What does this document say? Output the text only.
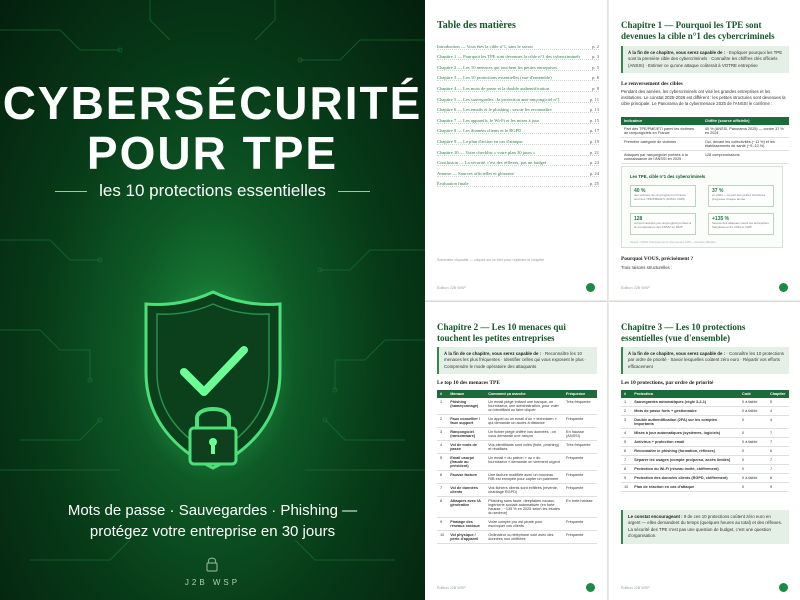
CYBERSÉCURITÉ
POUR TPE
les 10 protections essentielles
Mots de passe · Sauvegardes · Phishing —
protégez votre entreprise en 30 jours
J2B WSP
Table des matières
Introduction — Vous êtes la cible n°1, sans le savoir	p. 2
Chapitre 1 — Pourquoi les TPE sont devenues la cible n°1 des cybercriminels	p. 3
Chapitre 2 — Les 10 menaces qui touchent les petites entreprises	p. 5
Chapitre 3 — Les 10 protections essentielles (vue d'ensemble)	p. 6
Chapitre 4 — Les mots de passe et la double authentification	p. 8
Chapitre 5 — Les sauvegardes : la protection anti-rançongiciel n°1	p. 11
Chapitre 6 — Les emails et le phishing : savoir les reconnaître	p. 13
Chapitre 7 — Les appareils, le Wi-Fi et les mises à jour	p. 15
Chapitre 8 — Les données clients et le RGPD	p. 17
Chapitre 9 — Le plan d'action en cas d'attaque	p. 19
Chapitre 10 — Votre checklist « votre plan 30 jours »	p. 21
Conclusion — La sécurité, c'est des réflexes, pas un budget	p. 23
Annexe — Sources officielles et glossaire	p. 24
Évaluation finale	p. 25
Sommaire cliquable — cliquez sur un titre pour rejoindre le chapitre
Édition J2B WSP
Chapitre 1 — Pourquoi les TPE sont devenues la cible n°1 des cybercriminels
À la fin de ce chapitre, vous serez capable de : · Expliquer pourquoi les TPE sont la première cible des cybercriminels · Connaître les chiffres clés officiels (ANSSI) · Estimer ce qu'une attaque coûterait à VOTRE entreprise
Le renversement des cibles
Pendant des années, les cybercriminels ont visé les grandes entreprises et les institutions. Le constat 2025-2026 est différent : les petites structures sont devenues la cible principale. Le Panorama de la cybermenace 2025 de l'ANSSI le confirme :
Indicateur	Chiffre (source officielle)
Part des TPE/PME/ETI parmi les victimes de rançongiciels en France	40 % (ANSSI, Panorama 2025) — contre 37 % en 2024
Première catégorie de victimes	Oui, devant les collectivités (~11 %) et les établissements de santé (~9–10 %)
Attaques par rançongiciel portées à la connaissance de l'ANSSI en 2025	128 compromissions
Les TPE, cible n°1 des cybercriminels
40 %
des victimes de rançongiciel en France sont des TPE/PME/ETI (ANSSI, 2025)
37 %
en 2024 — la part des petites structures progresse chaque année
128
compromissions par rançongiciel portées à la connaissance de l'ANSSI en 2025
+135 %
hausse des attaques visant les entreprises françaises entre 2024 et 2025
Source : ANSSI, Panorama de la cybermenace 2025 — données officielles
Pourquoi VOUS, précisément ?
Trois raisons structurelles :
Édition J2B WSP
Chapitre 2 — Les 10 menaces qui touchent les petites entreprises
À la fin de ce chapitre, vous serez capable de : · Reconnaître les 10 menaces les plus fréquentes · Identifier celles qui vous exposent le plus · Comprendre le mode opératoire des attaquants
Le top 10 des menaces TPE
#	Menace	Comment ça marche	Fréquence
1	Phishing (hameçonnage)	Un email piégé imitant une banque, un fournisseur, une administration, pour voler un identifiant ou faire cliquer	Très fréquente
2	Faux conseiller / faux support	Un appel ou un email d'un « technicien » qui demande un accès à distance	Fréquente
3	Rançongiciel (ransomware)	Un fichier piégé chiffre vos données ; on vous demande une rançon	En hausse (ANSSI)
4	Vol de mots de passe	Vos identifiants sont volés (fuite, phishing) et réutilisés	Très fréquente
5	Email usurpé (fraude au président)	Un email « du patron » ou « du fournisseur » demande un virement urgent	Fréquente
6	Fausse facture	Une facture modifiée avec un nouveau RIB est envoyée pour capter un paiement	Fréquente
7	Vol de données clients	Vos fichiers clients sont exfiltrés (revente, chantage RGPD)	Fréquente
8	Attaques avec IA générative	Phishing sans faute, deepfakes vocaux, ingénierie sociale automatisée (en forte hausse : ~135 % en 2025 selon les études du secteur)	En forte hausse
9	Piratage des réseaux sociaux	Votre compte pro est piraté pour escroquer vos clients	Fréquente
10	Vol physique / perte d'appareil	Ordinateur ou téléphone volé avec des données non chiffrées	Fréquente
Édition J2B WSP
Chapitre 3 — Les 10 protections essentielles (vue d'ensemble)
À la fin de ce chapitre, vous serez capable de : · Connaître les 10 protections par ordre de priorité · Savoir lesquelles coûtent zéro euro · Répartir vos efforts efficacement
Les 10 protections, par ordre de priorité
#	Protection	Coût	Chapitre
1	Sauvegardes automatiques (règle 3-2-1)	0 à faible	5
2	Mots de passe forts + gestionnaire	0 à faible	4
3	Double authentification (2FA) sur les comptes importants	0	4
4	Mises à jour automatiques (systèmes, logiciels)	0	7
5	Antivirus + protection email	0 à faible	7
6	Reconnaître le phishing (formation, réflexes)	0	6
7	Séparer les usages (compte pro/perso, accès limités)	0	7
8	Protection du Wi-Fi (réseau invité, chiffrement)	0	7
9	Protection des données clients (RGPD, chiffrement)	0 à faible	8
10	Plan de réaction en cas d'attaque	0	9
Le constat encourageant : 9 de ces 10 protections coûtent zéro euro en argent — elles demandent du temps (quelques heures au total) et des réflexes. La sécurité des TPE n'est pas une question de budget, c'est une question d'organisation.
Édition J2B WSP
